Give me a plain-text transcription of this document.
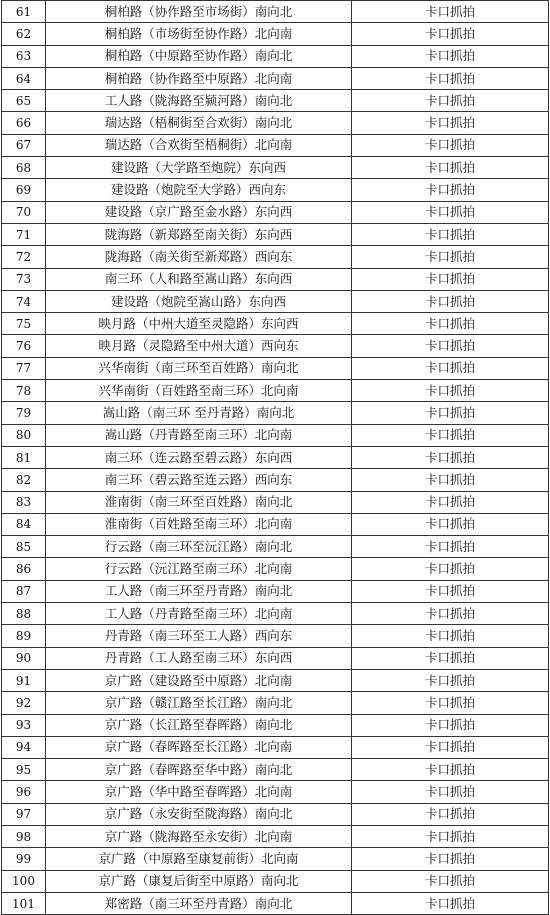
61	桐柏路（协作路至市场街）南向北	卡口抓拍
62	桐柏路（市场街至协作路）北向南	卡口抓拍
63	桐柏路（中原路至协作路）南向北	卡口抓拍
64	桐柏路（协作路至中原路）北向南	卡口抓拍
65	工人路（陇海路至颍河路）南向北	卡口抓拍
66	瑞达路（梧桐街至合欢街）南向北	卡口抓拍
67	瑞达路（合欢街至梧桐街）北向南	卡口抓拍
68	建设路（大学路至炮院）东向西	卡口抓拍
69	建设路（炮院至大学路）西向东	卡口抓拍
70	建设路（京广路至金水路）东向西	卡口抓拍
71	陇海路（新郑路至南关街）东向西	卡口抓拍
72	陇海路（南关街至新郑路）西向东	卡口抓拍
73	南三环（人和路至嵩山路）东向西	卡口抓拍
74	建设路（炮院至嵩山路）东向西	卡口抓拍
75	映月路（中州大道至灵隐路）东向西	卡口抓拍
76	映月路（灵隐路至中州大道）西向东	卡口抓拍
77	兴华南街（南三环至百姓路）南向北	卡口抓拍
78	兴华南街（百姓路至南三环）北向南	卡口抓拍
79	嵩山路（南三环 至丹青路）南向北	卡口抓拍
80	嵩山路（丹青路至南三环）北向南	卡口抓拍
81	南三环（连云路至碧云路）东向西	卡口抓拍
82	南三环（碧云路至连云路）西向东	卡口抓拍
83	淮南街（南三环至百姓路）南向北	卡口抓拍
84	淮南街（百姓路至南三环）北向南	卡口抓拍
85	行云路（南三环至沅江路）南向北	卡口抓拍
86	行云路（沅江路至南三环）北向南	卡口抓拍
87	工人路（南三环至丹青路）南向北	卡口抓拍
88	工人路（丹青路至南三环）北向南	卡口抓拍
89	丹青路（南三环至工人路）西向东	卡口抓拍
90	丹青路（工人路至南三环）东向西	卡口抓拍
91	京广路（建设路至中原路）北向南	卡口抓拍
92	京广路（赣江路至长江路）南向北	卡口抓拍
93	京广路（长江路至春晖路）南向北	卡口抓拍
94	京广路（春晖路至长江路）北向南	卡口抓拍
95	京广路（春晖路至华中路）南向北	卡口抓拍
96	京广路（华中路至春晖路）北向南	卡口抓拍
97	京广路（永安街至陇海路）南向北	卡口抓拍
98	京广路（陇海路至永安街）北向南	卡口抓拍
99	京广路（中原路至康复前街）北向南	卡口抓拍
100	京广路（康复后街至中原路）南向北	卡口抓拍
101	郑密路（南三环至丹青路）南向北	卡口抓拍
